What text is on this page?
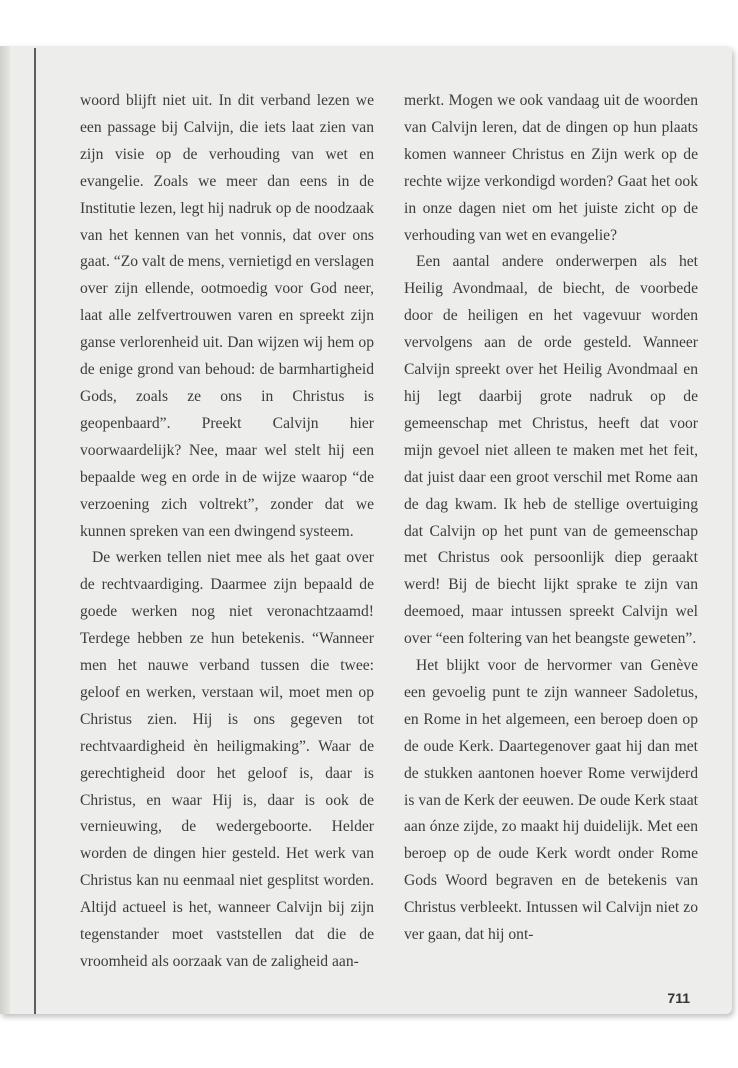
woord blijft niet uit. In dit verband lezen we een passage bij Calvijn, die iets laat zien van zijn visie op de verhouding van wet en evangelie. Zoals we meer dan eens in de Institutie lezen, legt hij nadruk op de noodzaak van het kennen van het vonnis, dat over ons gaat. “Zo valt de mens, vernietigd en verslagen over zijn ellende, ootmoedig voor God neer, laat alle zelfvertrouwen varen en spreekt zijn ganse verlorenheid uit. Dan wijzen wij hem op de enige grond van behoud: de barmhartigheid Gods, zoals ze ons in Christus is geopenbaard”. Preekt Calvijn hier voorwaardelijk? Nee, maar wel stelt hij een bepaalde weg en orde in de wijze waarop “de verzoening zich voltrekt”, zonder dat we kunnen spreken van een dwingend systeem.

De werken tellen niet mee als het gaat over de rechtvaardiging. Daarmee zijn bepaald de goede werken nog niet veronachtzaamd! Terdege hebben ze hun betekenis. “Wanneer men het nauwe verband tussen die twee: geloof en werken, verstaan wil, moet men op Christus zien. Hij is ons gegeven tot rechtvaardigheid èn heiligmaking”. Waar de gerechtigheid door het geloof is, daar is Christus, en waar Hij is, daar is ook de vernieuwing, de wedergeboorte. Helder worden de dingen hier gesteld. Het werk van Christus kan nu eenmaal niet gesplitst worden. Altijd actueel is het, wanneer Calvijn bij zijn tegenstander moet vaststellen dat die de vroomheid als oorzaak van de zaligheid aan-

merkt. Mogen we ook vandaag uit de woorden van Calvijn leren, dat de dingen op hun plaats komen wanneer Christus en Zijn werk op de rechte wijze verkondigd worden? Gaat het ook in onze dagen niet om het juiste zicht op de verhouding van wet en evangelie?

Een aantal andere onderwerpen als het Heilig Avondmaal, de biecht, de voorbede door de heiligen en het vagevuur worden vervolgens aan de orde gesteld. Wanneer Calvijn spreekt over het Heilig Avondmaal en hij legt daarbij grote nadruk op de gemeenschap met Christus, heeft dat voor mijn gevoel niet alleen te maken met het feit, dat juist daar een groot verschil met Rome aan de dag kwam. Ik heb de stellige overtuiging dat Calvijn op het punt van de gemeenschap met Christus ook persoonlijk diep geraakt werd! Bij de biecht lijkt sprake te zijn van deemoed, maar intussen spreekt Calvijn wel over “een foltering van het beangste geweten”.

Het blijkt voor de hervormer van Genève een gevoelig punt te zijn wanneer Sadoletus, en Rome in het algemeen, een beroep doen op de oude Kerk. Daartegenover gaat hij dan met de stukken aantonen hoever Rome verwijderd is van de Kerk der eeuwen. De oude Kerk staat aan ónze zijde, zo maakt hij duidelijk. Met een beroep op de oude Kerk wordt onder Rome Gods Woord begraven en de betekenis van Christus verbleekt. Intussen wil Calvijn niet zo ver gaan, dat hij ont-

711
